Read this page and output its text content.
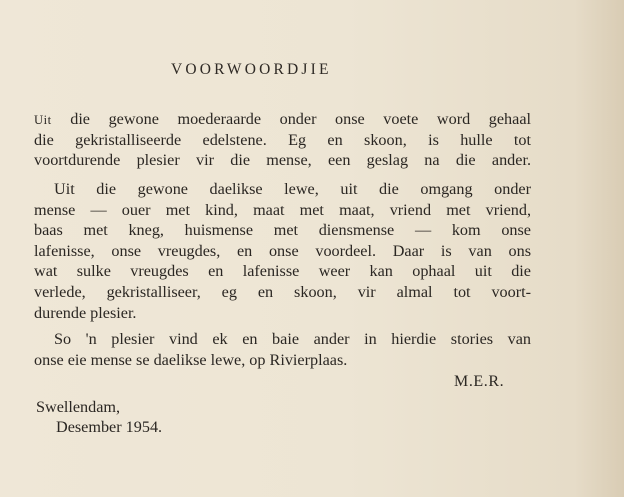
VOORWOORDJIE
Uit die gewone moederaarde onder onse voete word gehaal
die gekristalliseerde edelstene. Eg en skoon, is hulle tot
voortdurende plesier vir die mense, een geslag na die ander.
Uit die gewone daelikse lewe, uit die omgang onder
mense — ouer met kind, maat met maat, vriend met vriend,
baas met kneg, huismense met diensmense — kom onse
lafenisse, onse vreugdes, en onse voordeel. Daar is van ons
wat sulke vreugdes en lafenisse weer kan ophaal uit die
verlede, gekristalliseer, eg en skoon, vir almal tot voort-
durende plesier.
So 'n plesier vind ek en baie ander in hierdie stories van
onse eie mense se daelikse lewe, op Rivierplaas.
M.E.R.
Swellendam,
Desember 1954.
